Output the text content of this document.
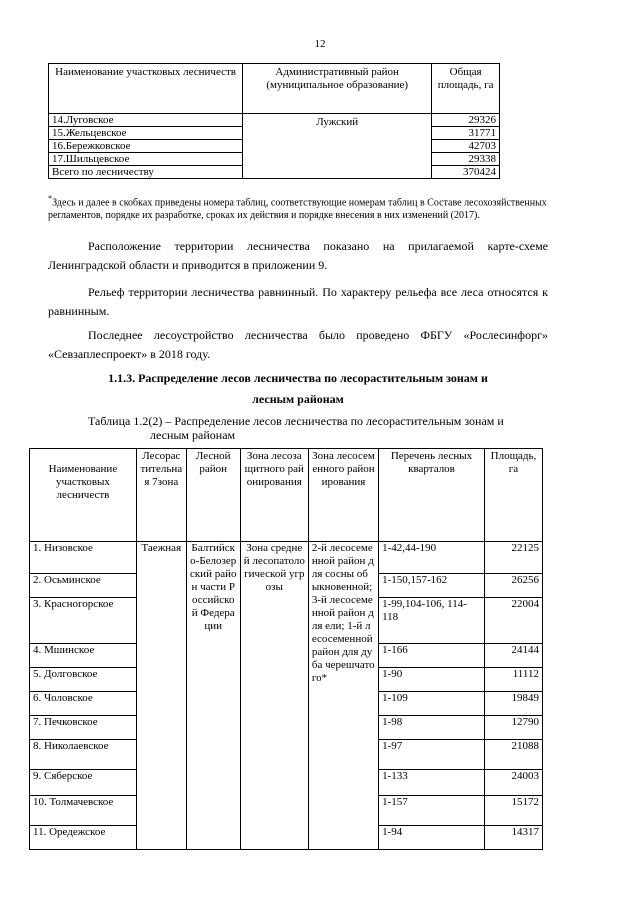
12
Наименование участковых лесничеств	Административный район (муниципальное образование)	Общая площадь, га
14.Луговское	Лужский	29326
15.Жельцевское		31771
16.Бережковское		42703
17.Шильцевское		29338
Всего по лесничеству		370424
*Здесь и далее в скобках приведены номера таблиц, соответствующие номерам таблиц в Составе лесохозяйственных регламентов, порядке их разработке, сроках их действия и порядке внесения в них изменений (2017).
Расположение территории лесничества показано на прилагаемой карте-схеме Ленинградской области и приводится в приложении 9.
Рельеф территории лесничества равнинный. По характеру рельефа все леса относятся к равнинным.
Последнее лесоустройство лесничества было проведено ФБГУ «Рослесинфорг» «Севзаплеспроект» в 2018 году.
1.1.3. Распределение лесов лесничества по лесорастительным зонам и
лесным районам
Таблица 1.2(2) – Распределение лесов лесничества по лесорастительным зонам и
лесным районам
Наименование участковых лесничеств	Лесорастительная 7зона	Лесной район	Зона лесозащитного районирования	Зона лесосеменного районирования	Перечень лесных кварталов	Площадь, га
1. Низовское	Таежная	Балтийско-Белозерский район части Российской Федерации	Зона средней лесопатологической угрозы	2-й лесосеменной район для сосны обыкновенной; 3-й лесосеменной район для ели; 1-й лесосеменной район для дуба черешчатого*	1-42,44-190	22125
2. Осьминское					1-150,157-162	26256
3. Красногорское					1-99,104-106, 114-118	22004
4. Мшинское					1-166	24144
5. Долговское					1-90	11112
6. Чоловское					1-109	19849
7. Печковское					1-98	12790
8. Николаевское					1-97	21088
9. Сяберское					1-133	24003
10. Толмачевское					1-157	15172
11. Оредежское					1-94	14317
